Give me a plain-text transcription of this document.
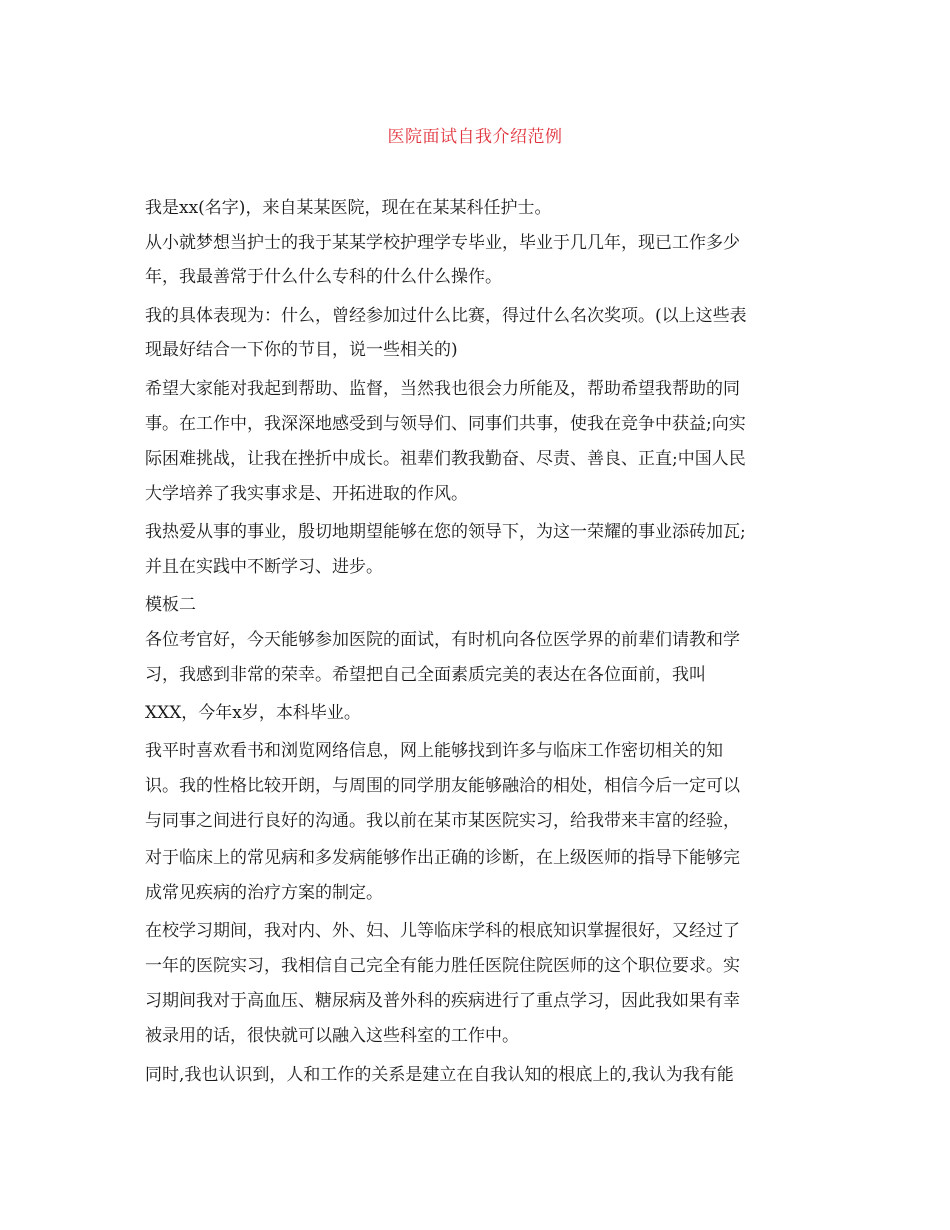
医院面试自我介绍范例
我是xx(名字)，来自某某医院，现在在某某科任护士。
从小就梦想当护士的我于某某学校护理学专毕业，毕业于几几年，现已工作多少
年，我最善常于什么什么专科的什么什么操作。
我的具体表现为：什么，曾经参加过什么比赛，得过什么名次奖项。(以上这些表
现最好结合一下你的节目，说一些相关的)
希望大家能对我起到帮助、监督，当然我也很会力所能及，帮助希望我帮助的同
事。在工作中，我深深地感受到与领导们、同事们共事，使我在竞争中获益;向实
际困难挑战，让我在挫折中成长。祖辈们教我勤奋、尽责、善良、正直;中国人民
大学培养了我实事求是、开拓进取的作风。
我热爱从事的事业，殷切地期望能够在您的领导下，为这一荣耀的事业添砖加瓦;
并且在实践中不断学习、进步。
模板二
各位考官好，今天能够参加医院的面试，有时机向各位医学界的前辈们请教和学
习，我感到非常的荣幸。希望把自己全面素质完美的表达在各位面前，我叫
XXX，今年x岁，本科毕业。
我平时喜欢看书和浏览网络信息，网上能够找到许多与临床工作密切相关的知
识。我的性格比较开朗，与周围的同学朋友能够融洽的相处，相信今后一定可以
与同事之间进行良好的沟通。我以前在某市某医院实习，给我带来丰富的经验，
对于临床上的常见病和多发病能够作出正确的诊断，在上级医师的指导下能够完
成常见疾病的治疗方案的制定。
在校学习期间，我对内、外、妇、儿等临床学科的根底知识掌握很好，又经过了
一年的医院实习，我相信自己完全有能力胜任医院住院医师的这个职位要求。实
习期间我对于高血压、糖尿病及普外科的疾病进行了重点学习，因此我如果有幸
被录用的话，很快就可以融入这些科室的工作中。
同时,我也认识到，人和工作的关系是建立在自我认知的根底上的,我认为我有能
